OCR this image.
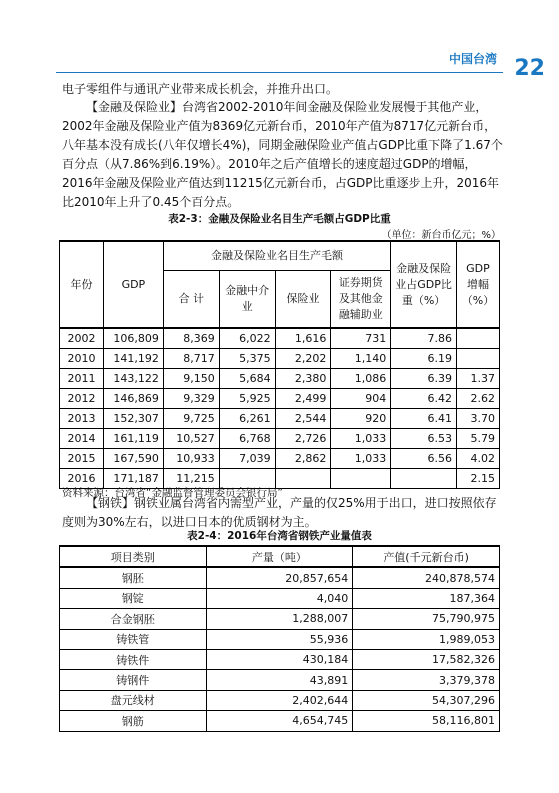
中国台湾 22
电子零组件与通讯产业带来成长机会，并推升出口。
【金融及保险业】台湾省2002-2010年间金融及保险业发展慢于其他产业，2002年金融及保险业产值为8369亿元新台币，2010年产值为8717亿元新台币，八年基本没有成长(八年仅增长4%)，同期金融保险业产值占GDP比重下降了1.67个百分点（从7.86%到6.19%）。2010年之后产值增长的速度超过GDP的增幅，2016年金融及保险业产值达到11215亿元新台币，占GDP比重逐步上升，2016年比2010年上升了0.45个百分点。
表2-3：金融及保险业名目生产毛额占GDP比重
（单位：新台币亿元；%）
年份	GDP	金融及保险业名目生产毛额				金融及保险业占GDP比重（%）	GDP增幅（%）
		合 计	金融中介业	保险业	证券期货及其他金融辅助业		
2002	106,809	8,369	6,022	1,616	731	7.86	
2010	141,192	8,717	5,375	2,202	1,140	6.19	
2011	143,122	9,150	5,684	2,380	1,086	6.39	1.37
2012	146,869	9,329	5,925	2,499	904	6.42	2.62
2013	152,307	9,725	6,261	2,544	920	6.41	3.70
2014	161,119	10,527	6,768	2,726	1,033	6.53	5.79
2015	167,590	10,933	7,039	2,862	1,033	6.56	4.02
2016	171,187	11,215					2.15
资料来源：台湾省“金融监督管理委员会银行局”
【钢铁】钢铁业属台湾省内需型产业，产量的仅25%用于出口，进口按照依存度则为30%左右，以进口日本的优质钢材为主。
表2-4：2016年台湾省钢铁产业量值表
项目类别	产量（吨）	产值(千元新台币)
钢胚	20,857,654	240,878,574
钢锭	4,040	187,364
合金钢胚	1,288,007	75,790,975
铸铁管	55,936	1,989,053
铸铁件	430,184	17,582,326
铸钢件	43,891	3,379,378
盘元线材	2,402,644	54,307,296
钢筋	4,654,745	58,116,801
